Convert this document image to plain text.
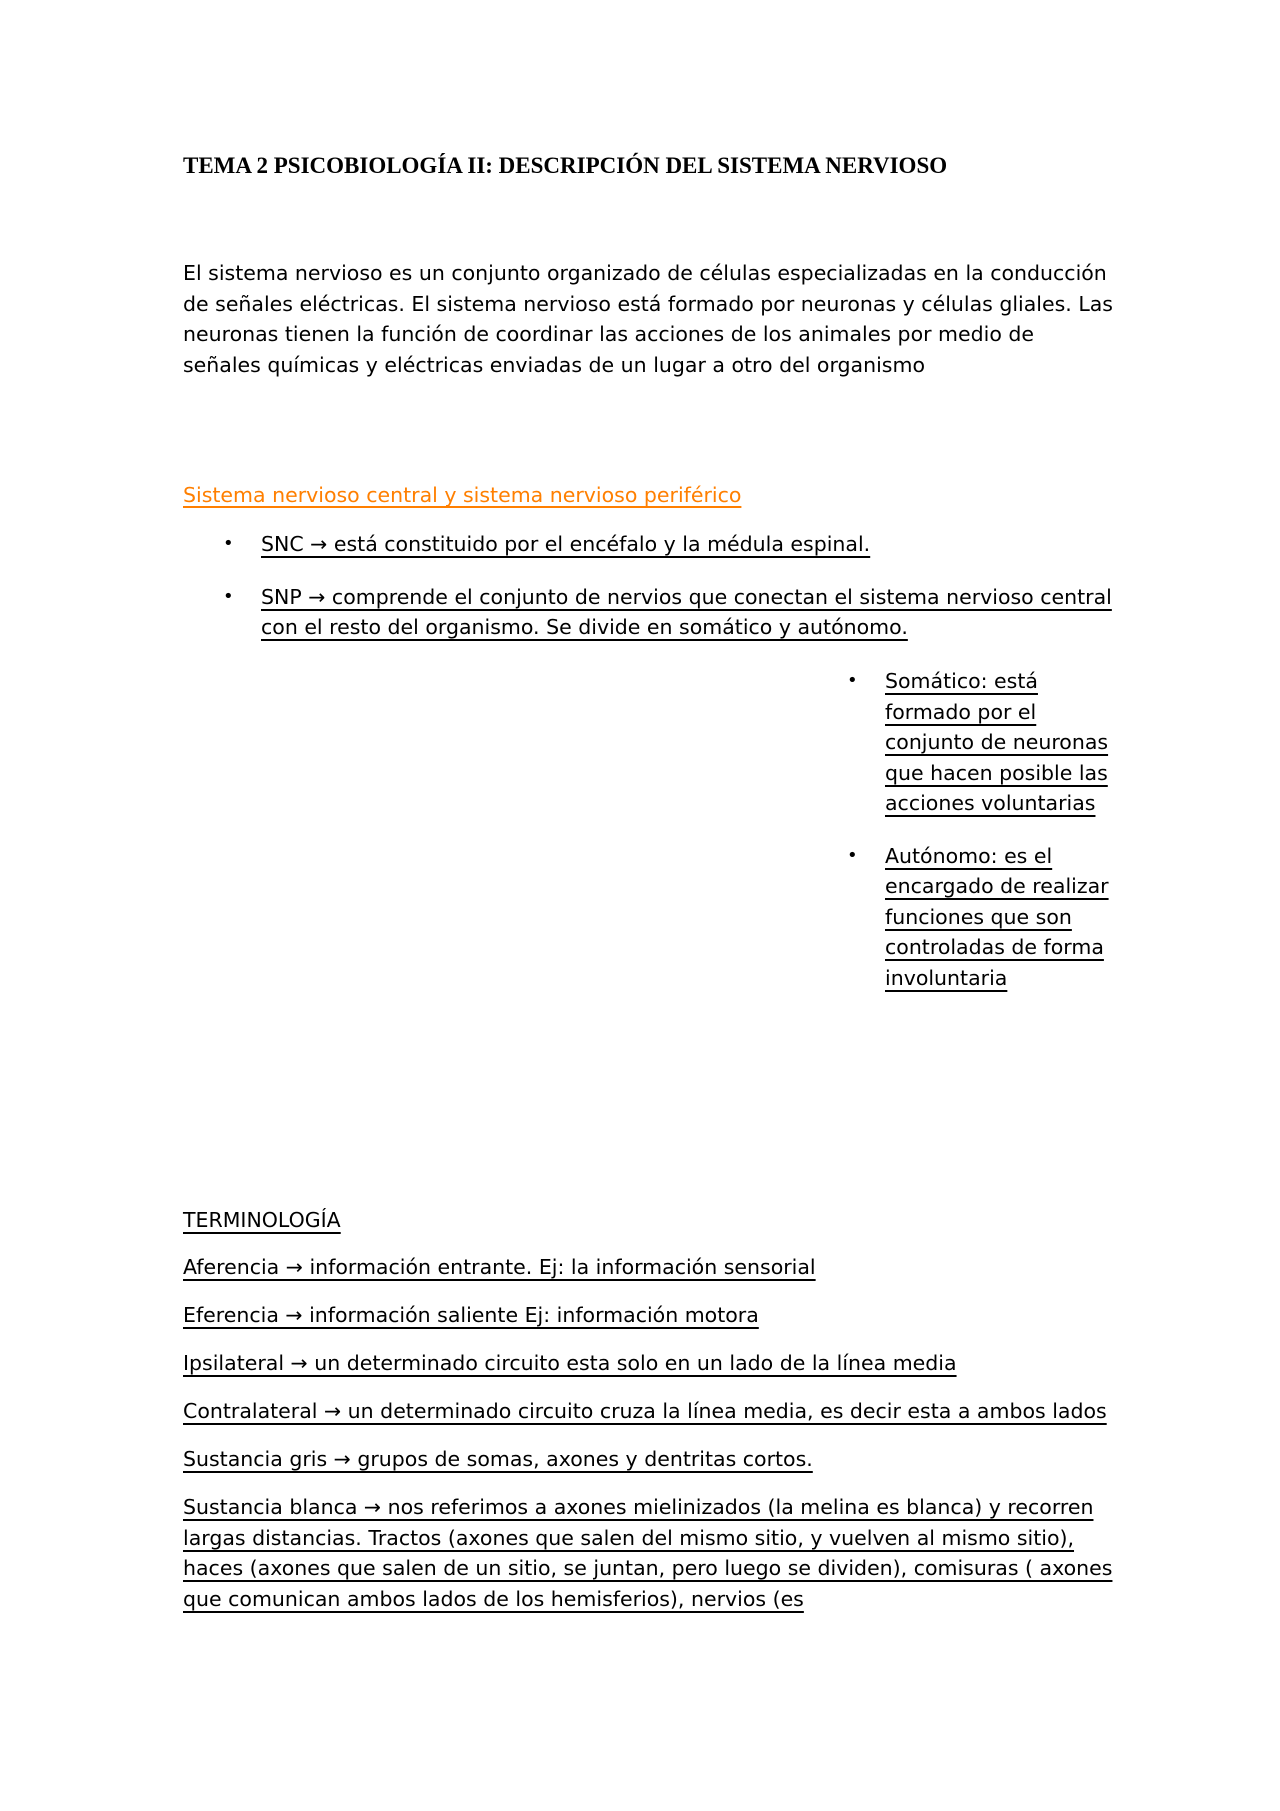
TEMA 2 PSICOBIOLOGÍA II: DESCRIPCIÓN DEL SISTEMA NERVIOSO

El sistema nervioso es un conjunto organizado de células especializadas en la conducción de señales eléctricas. El sistema nervioso está formado por neuronas y células gliales. Las neuronas tienen la función de coordinar las acciones de los animales por medio de señales químicas y eléctricas enviadas de un lugar a otro del organismo

Sistema nervioso central y sistema nervioso periférico
• SNC → está constituido por el encéfalo y la médula espinal.
• SNP → comprende el conjunto de nervios que conectan el sistema nervioso central con el resto del organismo. Se divide en somático y autónomo.
• Somático: está formado por el conjunto de neuronas que hacen posible las acciones voluntarias
• Autónomo: es el encargado de realizar funciones que son controladas de forma involuntaria
TERMINOLOGÍA
Aferencia → información entrante. Ej: la información sensorial
Eferencia → información saliente Ej: información motora
Ipsilateral → un determinado circuito esta solo en un lado de la línea media
Contralateral → un determinado circuito cruza la línea media, es decir esta a ambos lados
Sustancia gris → grupos de somas, axones y dentritas cortos.
Sustancia blanca → nos referimos a axones mielinizados (la melina es blanca) y recorren largas distancias. Tractos (axones que salen del mismo sitio, y vuelven al mismo sitio), haces (axones que salen de un sitio, se juntan, pero luego se dividen), comisuras ( axones que comunican ambos lados de los hemisferios), nervios (es
